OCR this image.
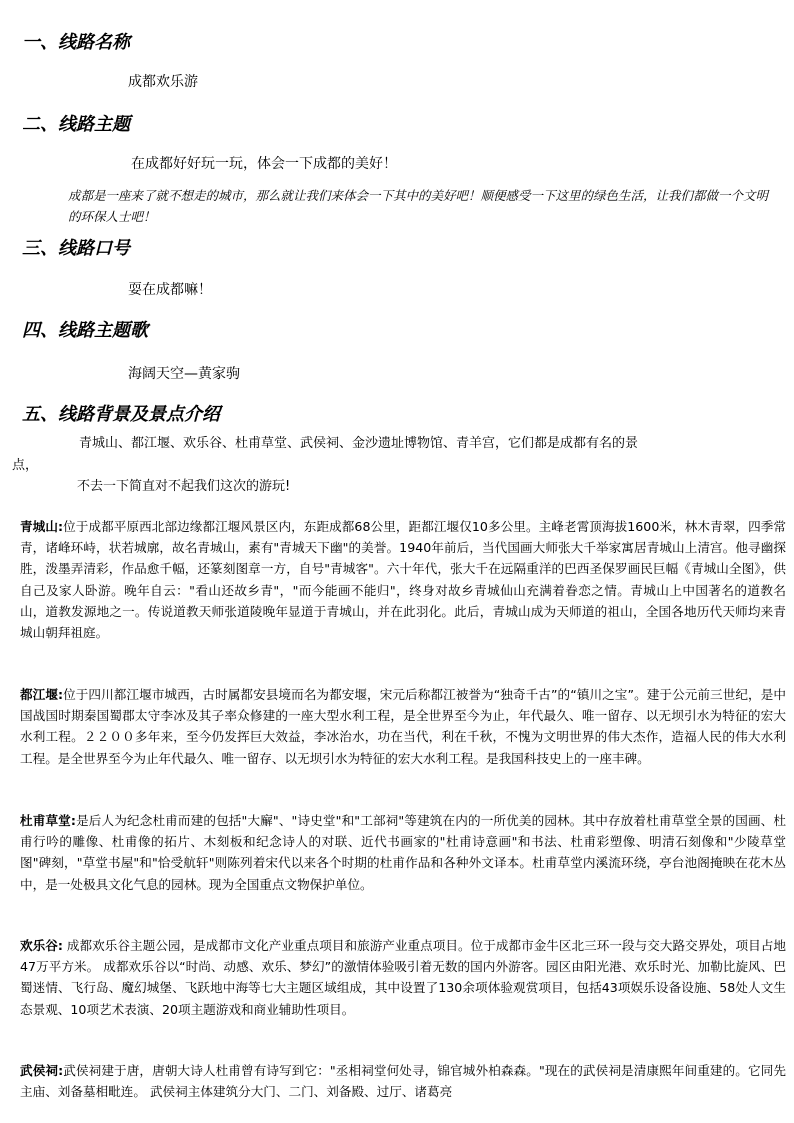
一、线路名称
成都欢乐游
二、线路主题
在成都好好玩一玩，体会一下成都的美好！
成都是一座来了就不想走的城市，那么就让我们来体会一下其中的美好吧！顺便感受一下这里的绿色生活，让我们都做一个文明的环保人士吧！
三、线路口号
耍在成都嘛！
四、线路主题歌
海阔天空—黄家驹
五、线路背景及景点介绍
青城山、都江堰、欢乐谷、杜甫草堂、武侯祠、金沙遗址博物馆、青羊宫，它们都是成都有名的景
点，
不去一下简直对不起我们这次的游玩!
青城山:位于成都平原西北部边缘都江堰风景区内，东距成都68公里，距都江堰仅10多公里。主峰老霄顶海拔1600米，林木青翠，四季常青，诸峰环峙，状若城廓，故名青城山，素有"青城天下幽"的美誉。1940年前后，当代国画大师张大千举家寓居青城山上清宫。他寻幽探胜，泼墨弄清彩，作品愈千幅，还篆刻图章一方，自号"青城客"。六十年代，张大千在远隔重洋的巴西圣保罗画民巨幅《青城山全图》，供自己及家人卧游。晚年自云："看山还故乡青"，"而今能画不能归"，终身对故乡青城仙山充满着眷恋之情。青城山上中国著名的道教名山，道教发源地之一。传说道教天师张道陵晚年显道于青城山，并在此羽化。此后，青城山成为天师道的祖山，全国各地历代天师均来青城山朝拜祖庭。
都江堰:位于四川都江堰市城西，古时属都安县境而名为都安堰，宋元后称都江被誉为“独奇千古”的“镇川之宝”。建于公元前三世纪，是中国战国时期秦国蜀郡太守李冰及其子率众修建的一座大型水利工程，是全世界至今为止，年代最久、唯一留存、以无坝引水为特征的宏大水利工程。２２００多年来，至今仍发挥巨大效益，李冰治水，功在当代，利在千秋，不愧为文明世界的伟大杰作，造福人民的伟大水利工程。是全世界至今为止年代最久、唯一留存、以无坝引水为特征的宏大水利工程。是我国科技史上的一座丰碑。
杜甫草堂:是后人为纪念杜甫而建的包括"大廨"、"诗史堂"和"工部祠"等建筑在内的一所优美的园林。其中存放着杜甫草堂全景的国画、杜甫行吟的雕像、杜甫像的拓片、木刻板和纪念诗人的对联、近代书画家的"杜甫诗意画"和书法、杜甫彩塑像、明清石刻像和"少陵草堂图"碑刻，"草堂书屋"和"恰受航轩"则陈列着宋代以来各个时期的杜甫作品和各种外文译本。杜甫草堂内溪流环绕，亭台池阁掩映在花木丛中，是一处极具文化气息的园林。现为全国重点文物保护单位。
欢乐谷: 成都欢乐谷主题公园，是成都市文化产业重点项目和旅游产业重点项目。位于成都市金牛区北三环一段与交大路交界处，项目占地47万平方米。 成都欢乐谷以“时尚、动感、欢乐、梦幻”的激情体验吸引着无数的国内外游客。园区由阳光港、欢乐时光、加勒比旋风、巴蜀迷情、飞行岛、魔幻城堡、飞跃地中海等七大主题区域组成，其中设置了130余项体验观赏项目，包括43项娱乐设备设施、58处人文生态景观、10项艺术表演、20项主题游戏和商业辅助性项目。
武侯祠:武侯祠建于唐，唐朝大诗人杜甫曾有诗写到它："丞相祠堂何处寻，锦官城外柏森森。"现在的武侯祠是清康熙年间重建的。它同先主庙、刘备墓相毗连。 武侯祠主体建筑分大门、二门、刘备殿、过厅、诸葛亮
